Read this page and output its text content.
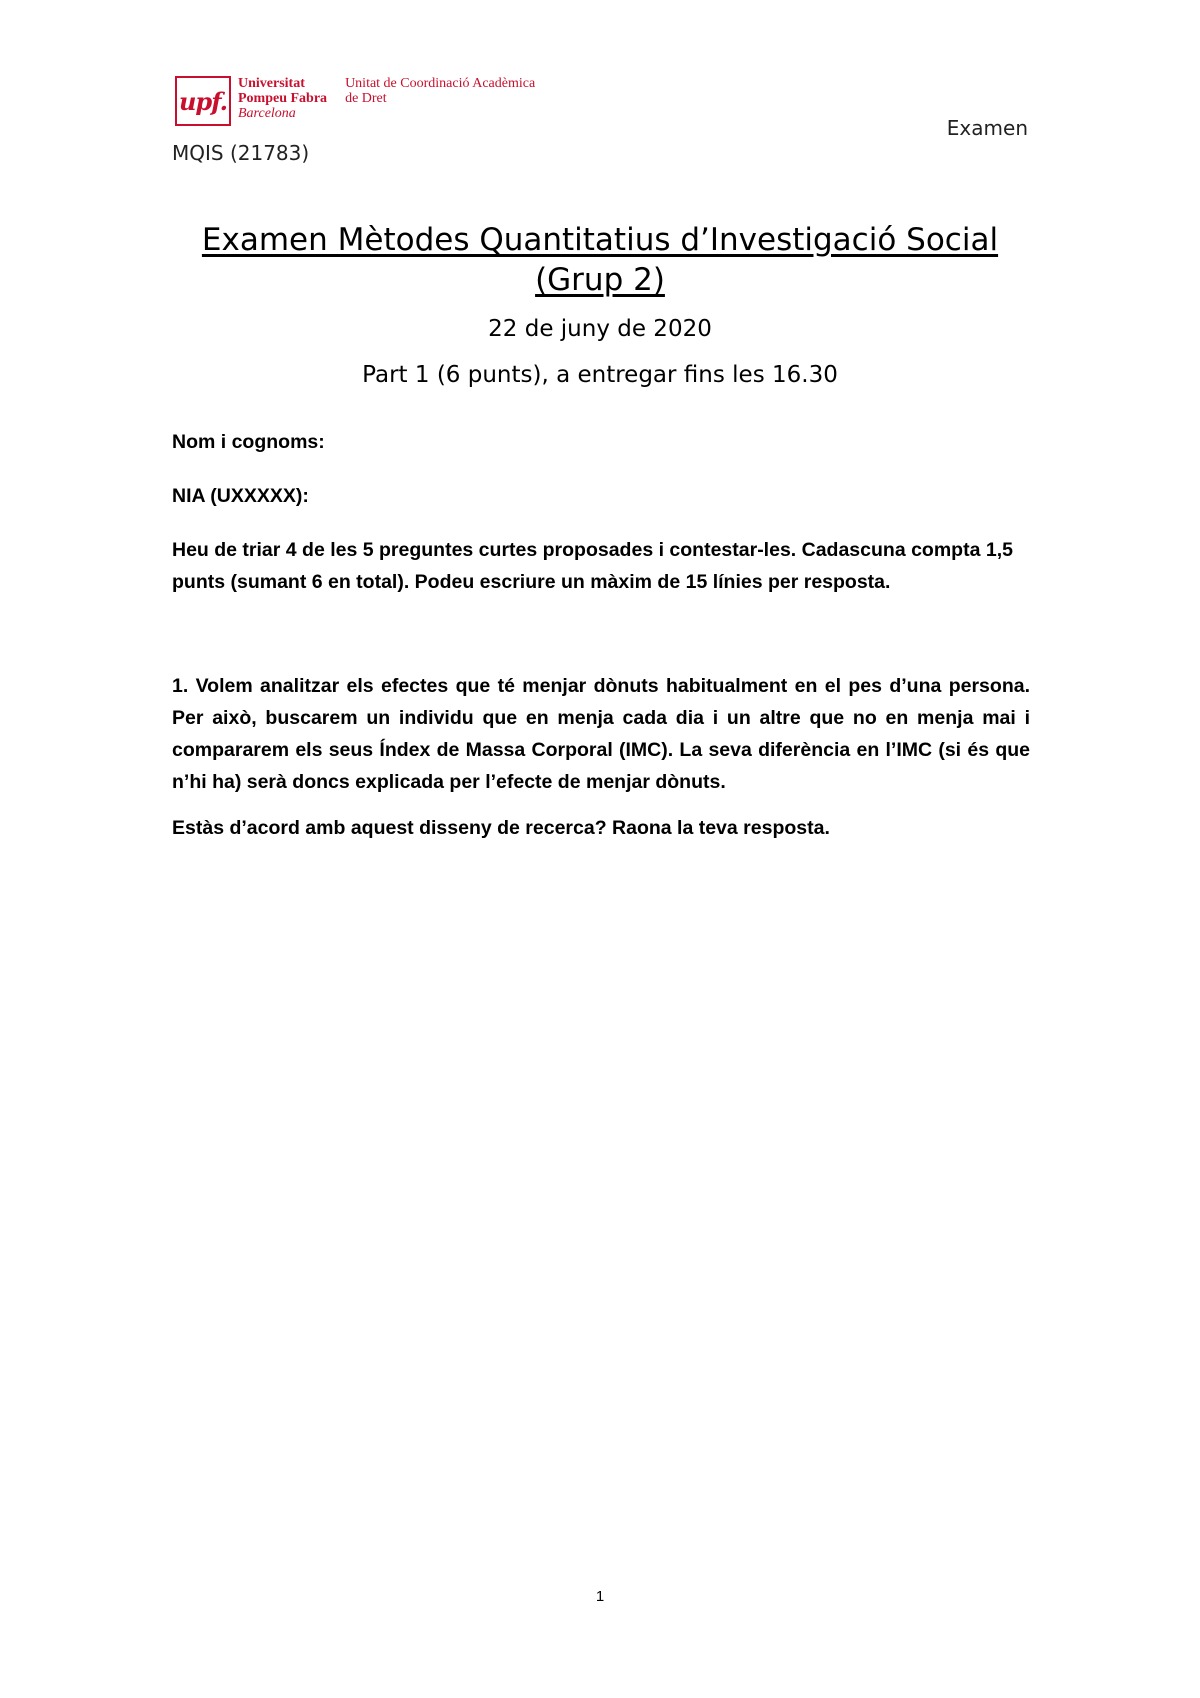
upf.
Universitat
Pompeu Fabra
Barcelona
Unitat de Coordinació Acadèmica
de Dret
Examen
MQIS (21783)
Examen Mètodes Quantitatius d’Investigació Social
(Grup 2)
22 de juny de 2020
Part 1 (6 punts), a entregar fins les 16.30
Nom i cognoms:
NIA (UXXXXX):
Heu de triar 4 de les 5 preguntes curtes proposades i contestar-les. Cadascuna compta 1,5 punts (sumant 6 en total). Podeu escriure un màxim de 15 línies per resposta.
1. Volem analitzar els efectes que té menjar dònuts habitualment en el pes d’una persona. Per això, buscarem un individu que en menja cada dia i un altre que no en menja mai i compararem els seus Índex de Massa Corporal (IMC). La seva diferència en l’IMC (si és que n’hi ha) serà doncs explicada per l’efecte de menjar dònuts.
Estàs d’acord amb aquest disseny de recerca? Raona la teva resposta.
1
